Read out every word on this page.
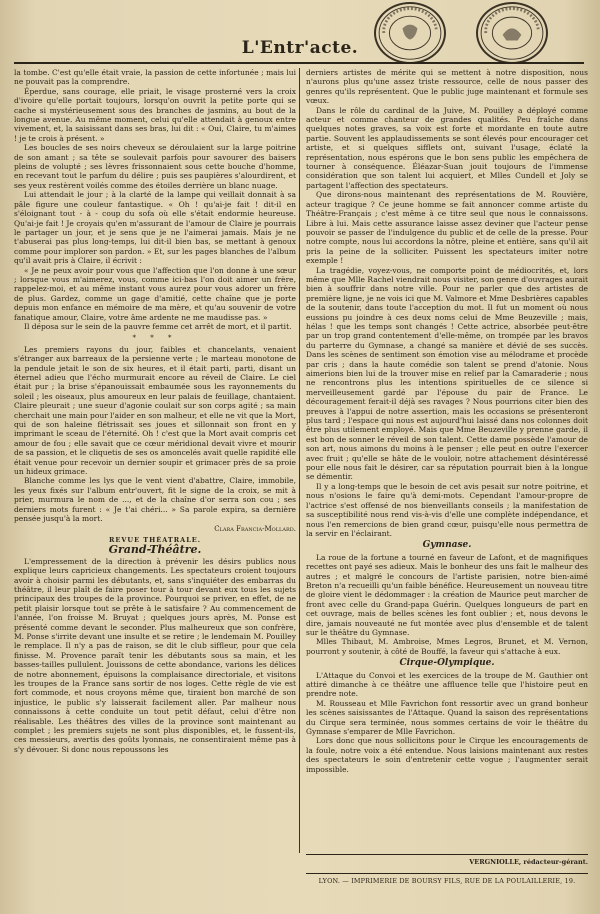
L'Entr'acte.

la tombe. C'est qu'elle était vraie, la passion de cette infortunée ; mais lui ne pouvait pas la comprendre.

Éperdue, sans courage, elle priait, le visage prosterné vers la croix d'ivoire qu'elle portait toujours, lorsqu'on ouvrit la petite porte qui se cache si mystérieusement sous des branches de jasmins, au bout de la longue avenue. Au même moment, celui qu'elle attendait à genoux entre vivement, et, la saisissant dans ses bras, lui dit : « Oui, Claire, tu m'aimes ! je te crois à présent. »

Les boucles de ses noirs cheveux se déroulaient sur la large poitrine de son amant ; sa tête se soulevait parfois pour savourer des baisers pleins de volupté ; ses lèvres frissonnaient sous cette bouche d'homme, en recevant tout le parfum du délire ; puis ses paupières s'alourdirent, et ses yeux restèrent voilés comme des étoiles derrière un blanc nuage.

Lui attendait le jour ; à la clarté de la lampe qui veillait donnait à sa pâle figure une couleur fantastique. « Oh ! qu'ai-je fait ! dit-il en s'éloignant tout - à - coup du sofa où elle s'était endormie heureuse. Qu'ai-je fait ! Je croyais qu'en m'assurant de l'amour de Claire je pourrais le partager un jour, et je sens que je ne l'aimerai jamais. Mais je ne t'abuserai pas plus long-temps, lui dit-il bien bas, se mettant à genoux comme pour implorer son pardon. » Et, sur les pages blanches de l'album qu'il avait pris à Claire, il écrivit :

« Je ne peux avoir pour vous que l'affection que l'on donne à une sœur ; lorsque vous m'aimerez, vous, comme ici-bas l'on doit aimer un frère, rappelez-moi, et au même instant vous aurez pour vous adorer un frère de plus. Gardez, comme un gage d'amitié, cette chaîne que je porte depuis mon enfance en mémoire de ma mère, et qu'au souvenir de votre fanatique amour, Claire, votre âme ardente ne me maudisse pas. »

Il déposa sur le sein de la pauvre femme cet arrêt de mort, et il partit.

* * *

Les premiers rayons du jour, faibles et chancelants, venaient s'étranger aux barreaux de la persienne verte ; le marteau monotone de la pendule jetait le son de six heures, et il était parti, parti, disant un éternel adieu que l'écho murmurait encore au réveil de Claire. Le ciel était pur ; la brise s'épanouissait embaumée sous les rayonnements du soleil ; les oiseaux, plus amoureux en leur palais de feuillage, chantaient. Claire pleurait ; une sueur d'agonie coulait sur son corps agité ; sa main cherchait une main pour l'aider en son malheur, et elle ne vit que la Mort, qui de son haleine flétrissait ses joues et sillonnait son front en y imprimant le sceau de l'éternité. Oh ! c'est que la Mort avait compris cet amour de fou ; elle savait que ce cœur méridional devait vivre et mourir de sa passion, et le cliquetis de ses os amoncelés avait quelle rapidité elle était venue pour recevoir un dernier soupir et grimacer près de sa proie un hideux grimace.

Blanche comme les lys que le vent vient d'abattre, Claire, immobile, les yeux fixés sur l'album entr'ouvert, fit le signe de la croix, se mit à prier, murmura le nom de ..., et de la chaîne d'or serra son cou ; ses derniers mots furent : « Je t'ai chéri... » Sa parole expira, sa dernière pensée jusqu'à la mort.

Clara Francia-Mollard.
REVUE THÉATRALE.
Grand-Théâtre.

L'empressement de la direction à prévenir les désirs publics nous explique leurs capricieux changements. Les spectateurs croient toujours avoir à choisir parmi les débutants, et, sans s'inquiéter des embarras du théâtre, il leur plaît de faire poser tour à tour devant eux tous les sujets principaux des troupes de la province. Pourquoi se priver, en effet, de ne petit plaisir lorsque tout se prête à le satisfaire ? Au commencement de l'année, l'on froisse M. Bruyat ; quelques jours après, M. Ponse est présenté comme devant le seconder. Plus malheureux que son confrère, M. Ponse s'irrite devant une insulte et se retire ; le lendemain M. Pouilley le remplace. Il n'y a pas de raison, se dit le club siffleur, pour que cela finisse. M. Provence paraît tenir les débutants sous sa main, et les basses-tailles pullulent. Jouissons de cette abondance, varions les délices de notre abonnement, épuisons la complaisance directoriale, et visitons les troupes de la France sans sortir de nos loges. Cette règle de vie est fort commode, et nous croyons même que, tiraient bon marché de son injustice, le public s'y laisserait facilement aller. Par malheur nous connaissons à cette conduite un tout petit défaut, celui d'être non réalisable. Les théâtres des villes de la province sont maintenant au complet ; les premiers sujets ne sont plus disponibles, et, le fussent-ils, ces messieurs, avertis des goûts lyonnais, ne consentiraient même pas à s'y dévouer. Si donc nous repoussons les

derniers artistes de mérite qui se mettent à notre disposition, nous n'aurons plus qu'une assez triste ressource, celle de nous passer des genres qu'ils représentent. Que le public juge maintenant et formule ses vœux.

Dans le rôle du cardinal de la Juive, M. Pouilley a déployé comme acteur et comme chanteur de grandes qualités. Peu fraîche dans quelques notes graves, sa voix est forte et mordante en toute autre partie. Souvent les applaudissements se sont élevés pour encourager cet artiste, et si quelques sifflets ont, suivant l'usage, éclaté la représentation, nous espérons que le bon sens public les empêchera de tourner à conséquence. Éléazar-Suan jouit toujours de l'immense considération que son talent lui acquiert, et Mlles Cundell et Joly se partagent l'affection des spectateurs.

Que dirons-nous maintenant des représentations de M. Rouvière, acteur tragique ? Ce jeune homme se fait annoncer comme artiste du Théâtre-Français ; c'est même à ce titre seul que nous le connaissons. Libre à lui. Mais cette assurance laisse assez deviner que l'acteur pense pouvoir se passer de l'indulgence du public et de celle de la presse. Pour notre compte, nous lui accordons la nôtre, pleine et entière, sans qu'il ait pris la peine de la solliciter. Puissent les spectateurs imiter notre exemple !

La tragédie, voyez-vous, ne comporte point de médiocrités, et, lors même que Mlle Rachel viendrait nous visiter, son genre d'ouvrages aurait bien à souffrir dans notre ville. Pour ne parler que des artistes de première ligne, je ne vois ici que M. Valmore et Mme Desbrières capables de la soutenir, dans toute l'acception du mot. Il fut un moment où nous eussions pu joindre à ces deux noms celui de Mme Beuzeville ; mais, hélas ! que les temps sont changés ! Cette actrice, absorbée peut-être par un trop grand contentement d'elle-même, on trompée par les bravos du parterre du Gymnase, a changé sa manière et dévié de ses succès. Dans les scènes de sentiment son émotion vise au mélodrame et procède par cris ; dans la haute comédie son talent se prend d'atonie. Nous aimerions bien lui de la trouver mise en relief par la Camaraderie ; nous ne rencontrons plus les intentions spirituelles de ce silence si merveilleusement gardé par l'épouse du pair de France. Le découragement ferait-il déjà ses ravages ? Nous pourrions citer bien des preuves à l'appui de notre assertion, mais les occasions se présenteront plus tard ; l'espace qui nous est aujourd'hui laissé dans nos colonnes doit être plus utilement employé. Mais que Mme Beuzeville y prenne garde, il est bon de sonner le réveil de son talent. Cette dame possède l'amour de son art, nous aimons du moins à le penser ; elle peut en outre l'exercer avec fruit ; qu'elle se hâte de le vouloir, notre attachement désintéressé pour elle nous fait le désirer, car sa réputation pourrait bien à la longue se démentir.

Il y a long-temps que le besoin de cet avis pesait sur notre poitrine, et nous n'osions le faire qu'à demi-mots. Cependant l'amour-propre de l'actrice s'est offensé de nos bienveillants conseils ; la manifestation de sa susceptibilité nous rend vis-à-vis d'elle une complète indépendance, et nous l'en remercions de bien grand cœur, puisqu'elle nous permettra de la servir en l'éclairant.

Gymnase.

La roue de la fortune a tourné en faveur de Lafont, et de magnifiques recettes ont payé ses adieux. Mais le bonheur des uns fait le malheur des autres ; et malgré le concours de l'artiste parisien, notre bien-aimé Breton n'a recueilli qu'un faible bénéfice. Heureusement un nouveau titre de gloire vient le dédommager : la création de Maurice peut marcher de front avec celle du Grand-papa Guérin. Quelques longueurs de part en cet ouvrage, mais de belles scènes les font oublier ; et, nous devons le dire, jamais nouveauté ne fut montée avec plus d'ensemble et de talent sur le théâtre du Gymnase.

Mlles Thibaut, M. Ambroise, Mmes Legros, Brunet, et M. Vernon, pourront y soutenir, à côté de Bouffé, la faveur qui s'attache à eux.

Cirque-Olympique.

L'Attaque du Convoi et les exercices de la troupe de M. Gauthier ont attiré dimanche à ce théâtre une affluence telle que l'histoire peut en prendre note.

M. Rousseau et Mlle Favrichon font ressortir avec un grand bonheur les scènes saisissantes de l'Attaque. Quand la saison des représentations du Cirque sera terminée, nous sommes certains de voir le théâtre du Gymnase s'emparer de Mlle Favrichon.

Lors donc que nous sollicitons pour le Cirque les encouragements de la foule, notre voix a été entendue. Nous laisions maintenant aux restes des spectateurs le soin d'entretenir cette vogue ; l'augmenter serait impossible.

VERGNIOLLE, rédacteur-gérant.
LYON. — IMPRIMERIE DE BOURSY FILS, RUE DE LA POULAILLERIE, 19.
